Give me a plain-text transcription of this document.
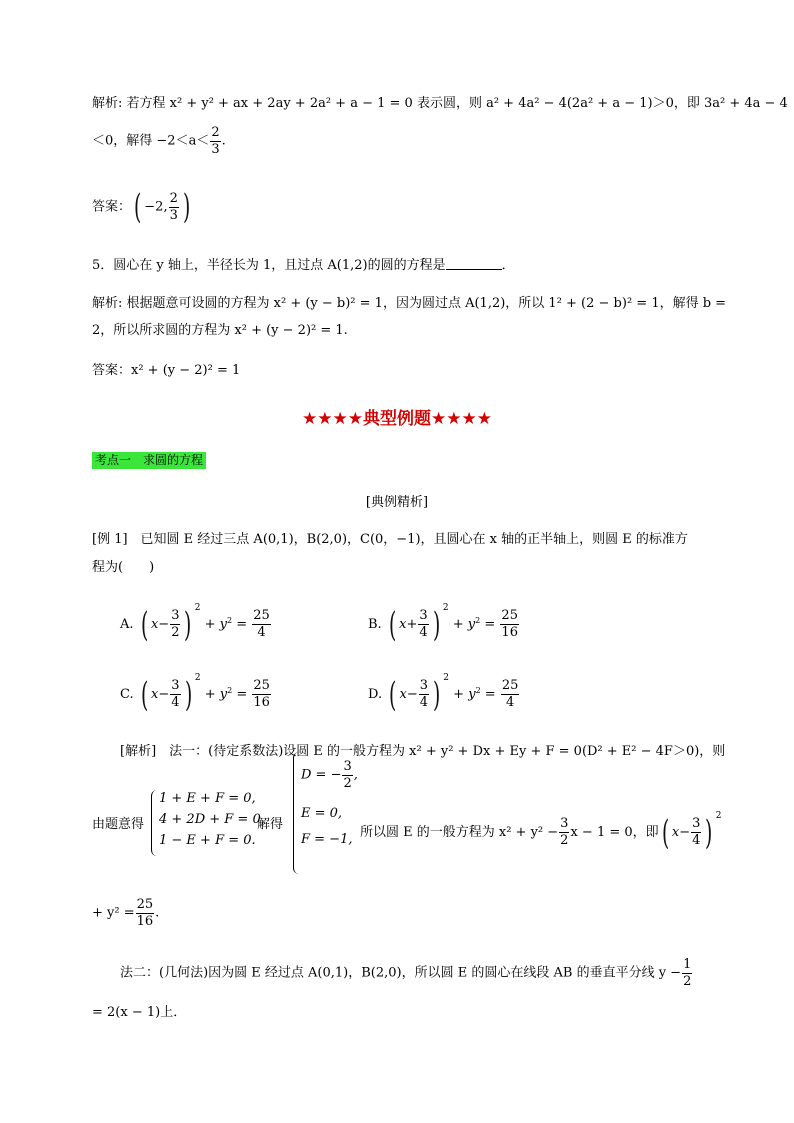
解析: 若方程 x² + y² + ax + 2ay + 2a² + a − 1 = 0 表示圆，则 a² + 4a² − 4(2a² + a − 1)＞0，即 3a² + 4a − 4
＜0，解得 $-2<a< \frac{2}{3}$ .
答案：( −2, $\frac{2}{3}$ )
5．圆心在 y 轴上，半径长为 1，且过点 A(1,2)的圆的方程是	．
解析: 根据题意可设圆的方程为 x² + (y − b)² = 1，因为圆过点 A(1,2)，所以 1² + (2 − b)² = 1，解得 b =
2，所以所求圆的方程为 x² + (y − 2)² = 1.
答案：x² + (y − 2)² = 1
★★★★典型例题★★★★
考点一　求圆的方程
[典例精析]
[例 1]　已知圆 E 经过三点 A(0,1)，B(2,0)，C(0，−1)，且圆心在 x 轴的正半轴上，则圆 E 的标准方
程为(　　)
A. ( $x- \frac{3}{2}$ ) $^2 + y^2 = \frac{25}{4}$	B. ( $x+ \frac{3}{4}$ ) $^2 + y^2 = \frac{25}{16}$
C. ( $x- \frac{3}{4}$ ) $^2 + y^2 = \frac{25}{16}$	D. ( $x- \frac{3}{4}$ ) $^2 + y^2 = \frac{25}{4}$
[解析]　法一：(待定系数法)设圆 E 的一般方程为 x² + y² + Dx + Ey + F = 0(D² + E² − 4F＞0)，则
由题意得
1 + E + F = 0,
4 + 2D + F = 0,
1 − E + F = 0.
解得
D = − $\frac{3}{2}$ ,
E = 0,
F = −1, 所以圆 E 的一般方程为 $x^2 + y^2 - \frac{3}{2}$ x − 1 = 0，即( $x- \frac{3}{4}$ ) $^2$
+ $y^2 = \frac{25}{16}$ .
法二：(几何法)因为圆 E 经过点 A(0,1)，B(2,0)，所以圆 E 的圆心在线段 AB 的垂直平分线 $y - \frac{1}{2}$
= 2(x − 1)上．
